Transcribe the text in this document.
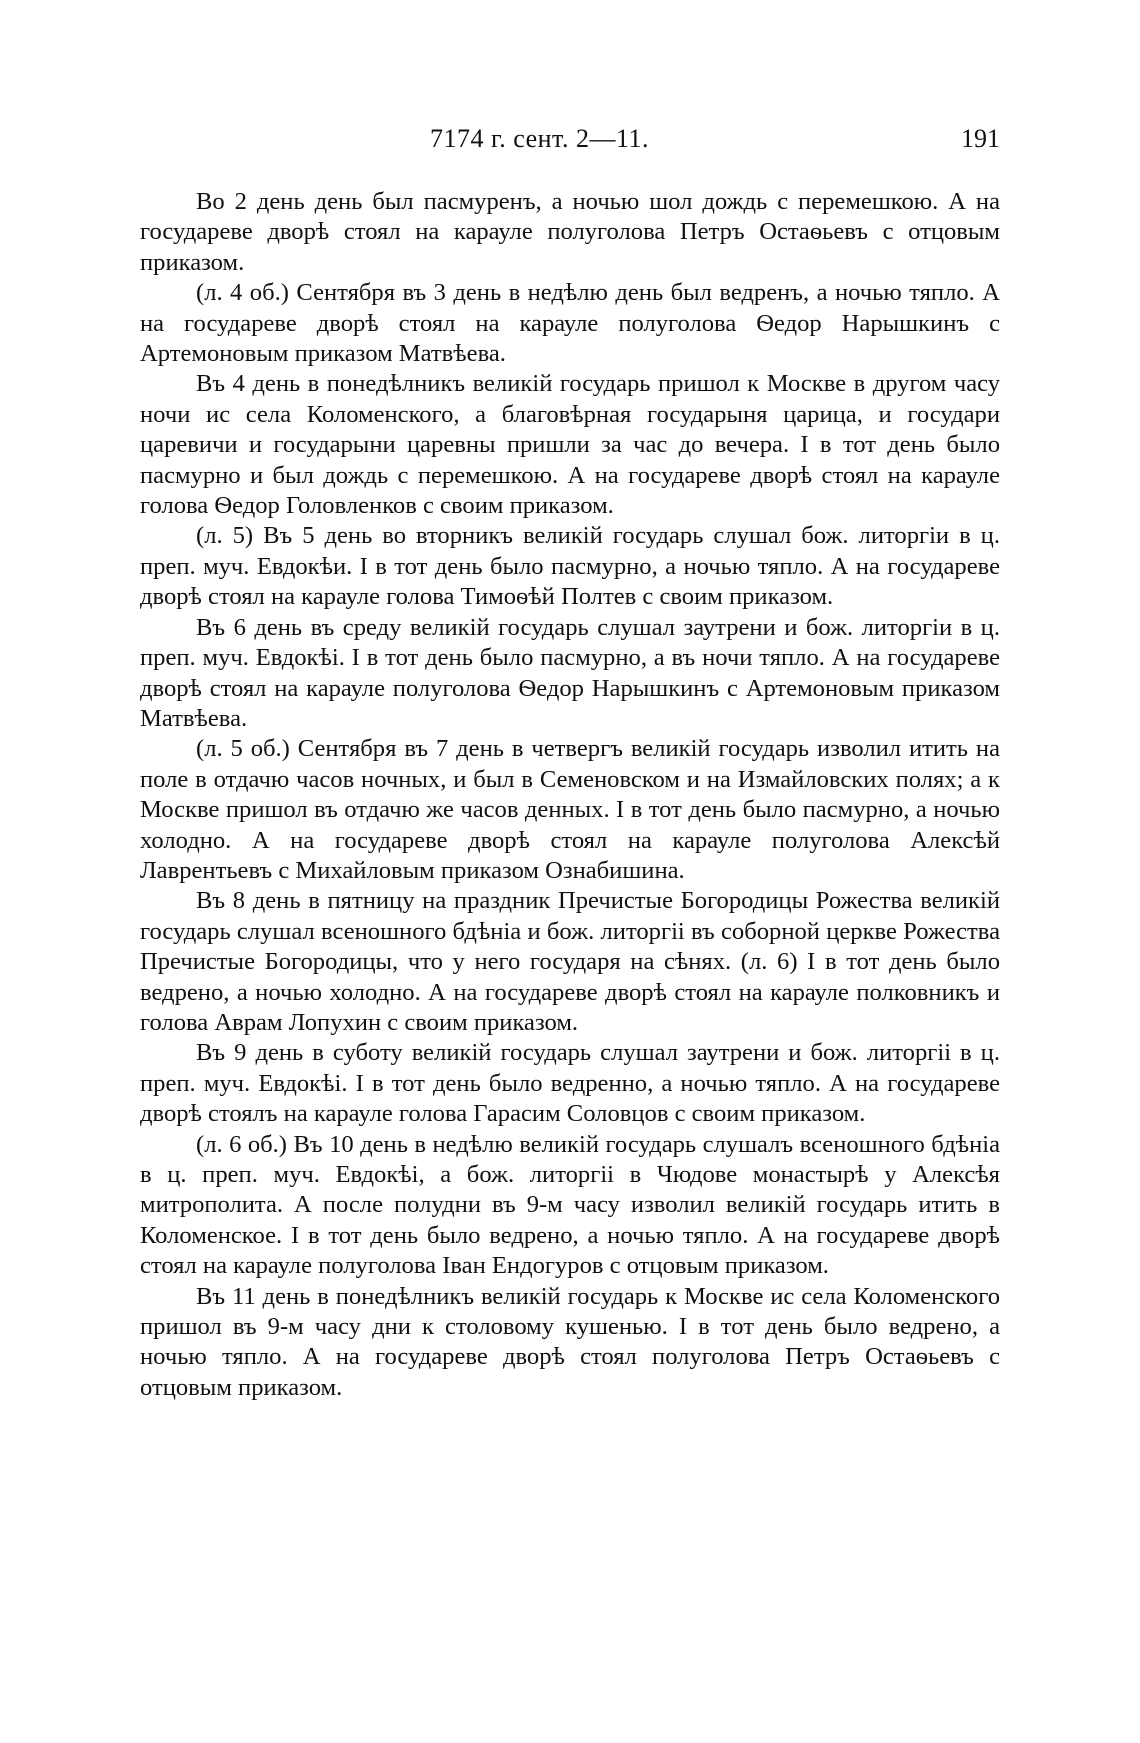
7174 г. сент. 2—11.	191

Во 2 день день был пасмуренъ, а ночью шол дождь с перемешкою. А на государеве дворѣ стоял на карауле полуголова Петръ Остаѳьевъ с отцовым приказом.

(л. 4 об.) Сентября въ 3 день в недѣлю день был ведренъ, а ночью тяпло. А на государеве дворѣ стоял на карауле полуголова Ѳедор Нарышкинъ с Артемоновым приказом Матвѣева.

Въ 4 день в понедѣлникъ великій государь пришол к Москве в другом часу ночи ис села Коломенского, а благовѣрная государыня царица, и государи царевичи и государыни царевны пришли за час до вечера. І в тот день было пасмурно и был дождь с перемешкою. А на государеве дворѣ стоял на карауле голова Ѳедор Головленков с своим приказом.

(л. 5) Въ 5 день во вторникъ великій государь слушал бож. литоргіи в ц. преп. муч. Евдокѣи. І в тот день было пасмурно, а ночью тяпло. А на государеве дворѣ стоял на карауле голова Тимоѳѣй Полтев с своим приказом.

Въ 6 день въ среду великій государь слушал заутрени и бож. литоргіи в ц. преп. муч. Евдокѣі. І в тот день было пасмурно, а въ ночи тяпло. А на государеве дворѣ стоял на карауле полуголова Ѳедор Нарышкинъ с Артемоновым приказом Матвѣева.

(л. 5 об.) Сентября въ 7 день в четвергъ великій государь изволил итить на поле в отдачю часов ночных, и был в Семеновском и на Измайловских полях; а к Москве пришол въ отдачю же часов денных. І в тот день было пасмурно, а ночью холодно. А на государеве дворѣ стоял на карауле полуголова Алексѣй Лаврентьевъ с Михайловым приказом Ознабишина.

Въ 8 день в пятницу на праздник Пречистые Богородицы Рожества великій государь слушал всеношного бдѣніа и бож. литоргіі въ соборной церкве Рожества Пречистые Богородицы, что у него государя на сѣнях. (л. 6) І в тот день было ведрено, а ночью холодно. А на государеве дворѣ стоял на карауле полковникъ и голова Аврам Лопухин с своим приказом.

Въ 9 день в суботу великій государь слушал заутрени и бож. литоргіі в ц. преп. муч. Евдокѣі. І в тот день было ведренно, а ночью тяпло. А на государеве дворѣ стоялъ на карауле голова Гарасим Соловцов с своим приказом.

(л. 6 об.) Въ 10 день в недѣлю великій государь слушалъ всеношного бдѣніа в ц. преп. муч. Евдокѣі, а бож. литоргіі в Чюдове монастырѣ у Алексѣя митрополита. А после полудни въ 9-м часу изволил великій государь итить в Коломенское. І в тот день было ведрено, а ночью тяпло. А на государеве дворѣ стоял на карауле полуголова Іван Ендогуров с отцовым приказом.

Въ 11 день в понедѣлникъ великій государь к Москве ис села Коломенского пришол въ 9-м часу дни к столовому кушенью. І в тот день было ведрено, а ночью тяпло. А на государеве дворѣ стоял полуголова Петръ Остаѳьевъ с отцовым приказом.
